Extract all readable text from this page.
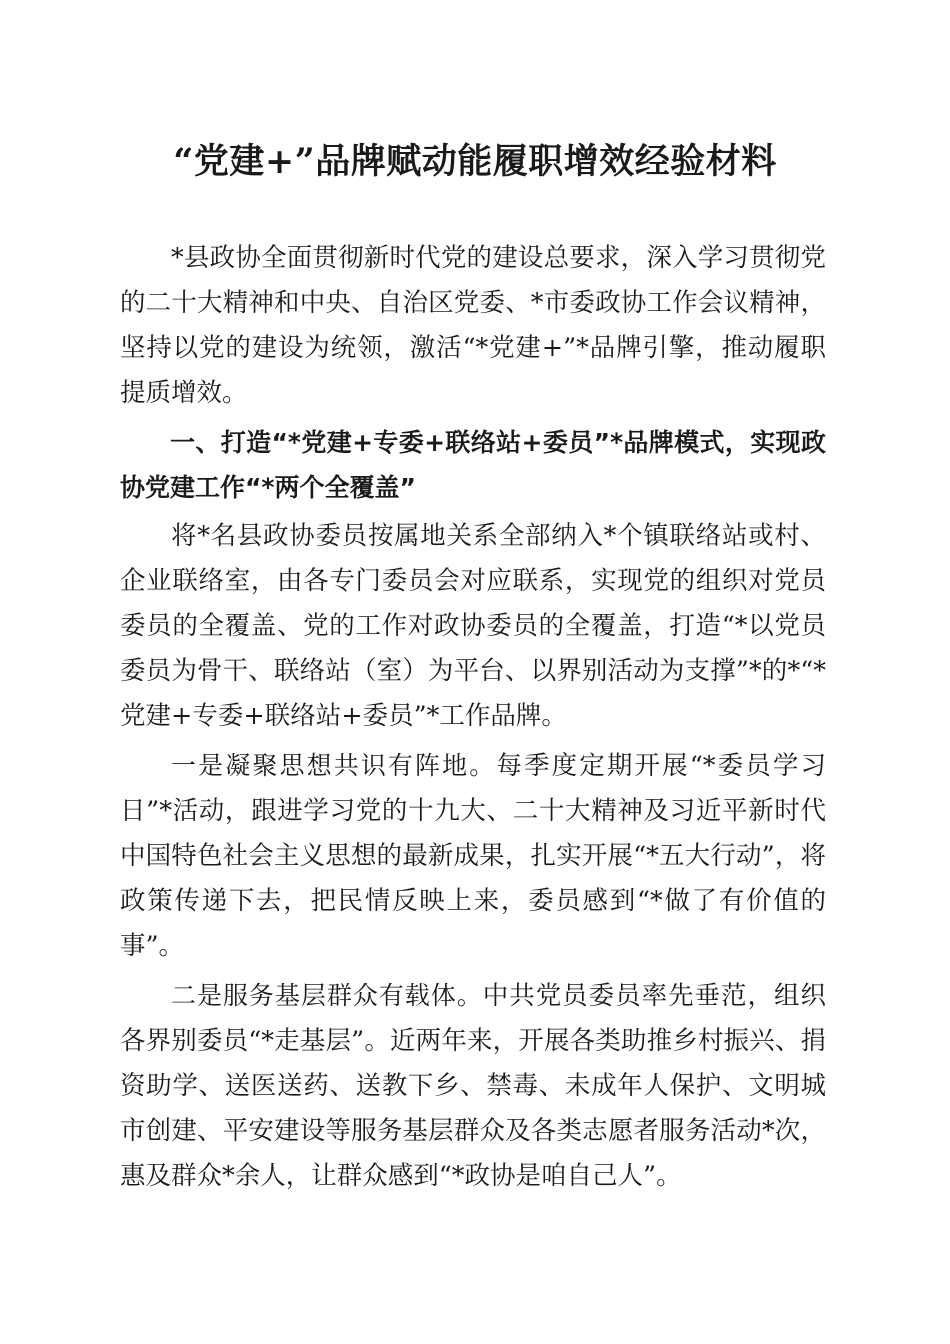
“党建+”品牌赋动能履职增效经验材料

*县政协全面贯彻新时代党的建设总要求，深入学习贯彻党的二十大精神和中央、自治区党委、*市委政协工作会议精神，坚持以党的建设为统领，激活“*党建+”*品牌引擎，推动履职提质增效。

一、打造“*党建+专委+联络站+委员”*品牌模式，实现政协党建工作“*两个全覆盖”

将*名县政协委员按属地关系全部纳入*个镇联络站或村、企业联络室，由各专门委员会对应联系，实现党的组织对党员委员的全覆盖、党的工作对政协委员的全覆盖，打造“*以党员委员为骨干、联络站（室）为平台、以界别活动为支撑”*的*“*党建+专委+联络站+委员”*工作品牌。

一是凝聚思想共识有阵地。每季度定期开展“*委员学习日”*活动，跟进学习党的十九大、二十大精神及习近平新时代中国特色社会主义思想的最新成果，扎实开展“*五大行动”，将政策传递下去，把民情反映上来，委员感到“*做了有价值的事”。

二是服务基层群众有载体。中共党员委员率先垂范，组织各界别委员“*走基层”。近两年来，开展各类助推乡村振兴、捐资助学、送医送药、送教下乡、禁毒、未成年人保护、文明城市创建、平安建设等服务基层群众及各类志愿者服务活动*次，惠及群众*余人，让群众感到“*政协是咱自己人”。
